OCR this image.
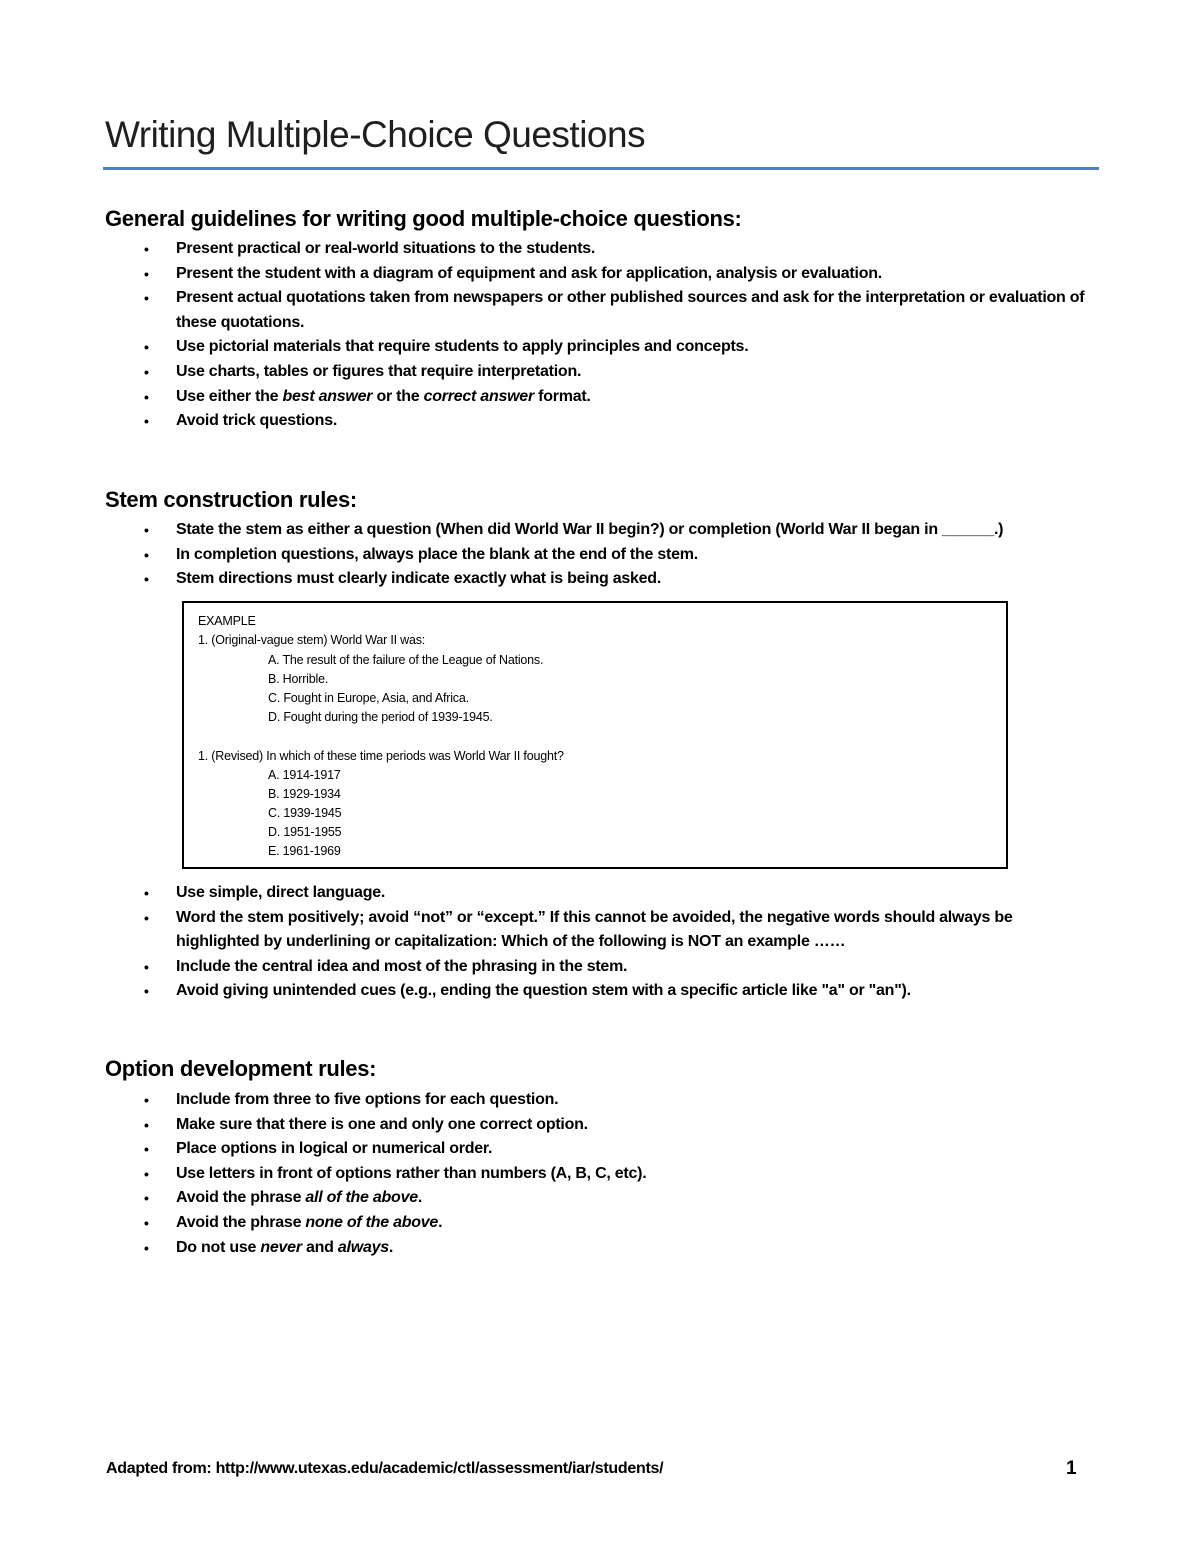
Writing Multiple-Choice Questions
General guidelines for writing good multiple-choice questions:
• Present practical or real-world situations to the students.
• Present the student with a diagram of equipment and ask for application, analysis or evaluation.
• Present actual quotations taken from newspapers or other published sources and ask for the interpretation or evaluation of these quotations.
• Use pictorial materials that require students to apply principles and concepts.
• Use charts, tables or figures that require interpretation.
• Use either the best answer or the correct answer format.
• Avoid trick questions.
Stem construction rules:
• State the stem as either a question (When did World War II begin?) or completion (World War II began in ______.)
• In completion questions, always place the blank at the end of the stem.
• Stem directions must clearly indicate exactly what is being asked.
EXAMPLE
1. (Original-vague stem) World War II was:
A. The result of the failure of the League of Nations.
B. Horrible.
C. Fought in Europe, Asia, and Africa.
D. Fought during the period of 1939-1945.
1. (Revised) In which of these time periods was World War II fought?
A. 1914-1917
B. 1929-1934
C. 1939-1945
D. 1951-1955
E. 1961-1969
• Use simple, direct language.
• Word the stem positively; avoid “not” or “except.” If this cannot be avoided, the negative words should always be highlighted by underlining or capitalization: Which of the following is NOT an example ……
• Include the central idea and most of the phrasing in the stem.
• Avoid giving unintended cues (e.g., ending the question stem with a specific article like "a" or "an").
Option development rules:
• Include from three to five options for each question.
• Make sure that there is one and only one correct option.
• Place options in logical or numerical order.
• Use letters in front of options rather than numbers (A, B, C, etc).
• Avoid the phrase all of the above.
• Avoid the phrase none of the above.
• Do not use never and always.
Adapted from: http://www.utexas.edu/academic/ctl/assessment/iar/students/	1
